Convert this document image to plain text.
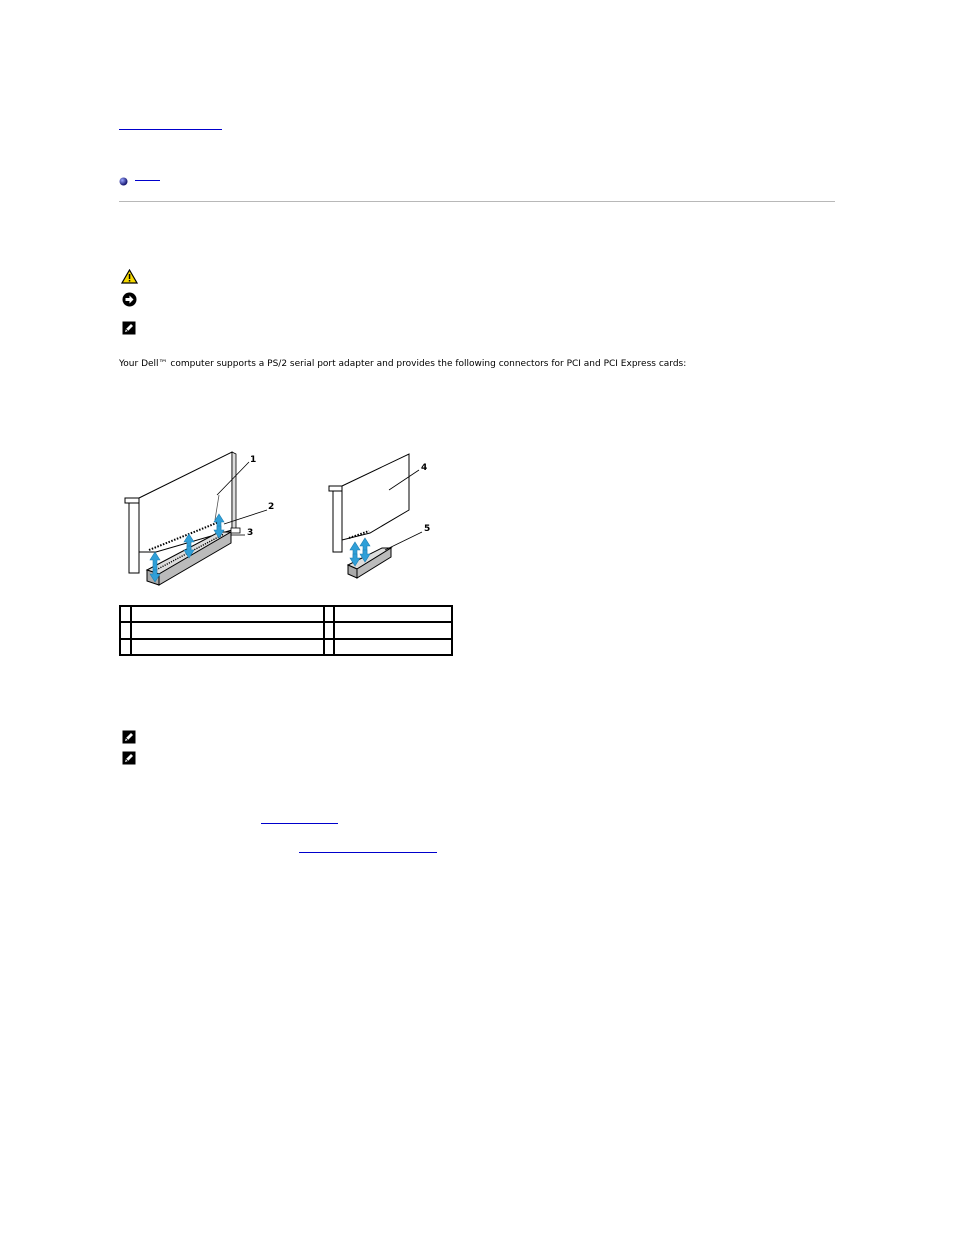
Your Dell™ computer supports a PS/2 serial port adapter and provides the following connectors for PCI and PCI Express cards:
1
2
3
4
5
